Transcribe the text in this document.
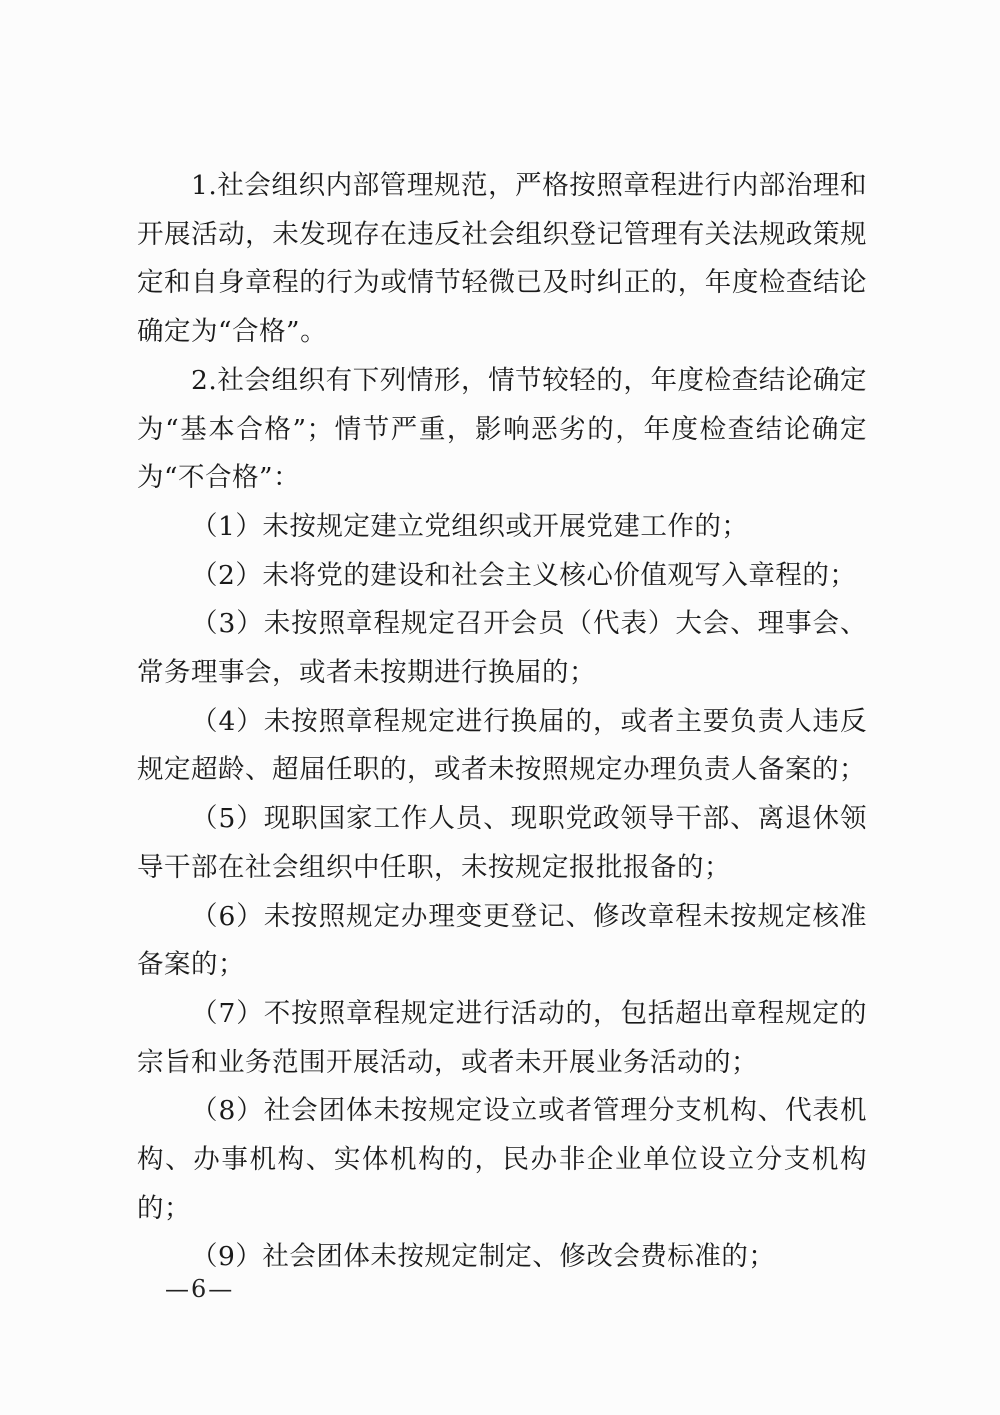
1.社会组织内部管理规范，严格按照章程进行内部治理和开展活动，未发现存在违反社会组织登记管理有关法规政策规定和自身章程的行为或情节轻微已及时纠正的，年度检查结论确定为“合格”。

2.社会组织有下列情形，情节较轻的，年度检查结论确定为“基本合格”；情节严重，影响恶劣的，年度检查结论确定为“不合格”：

（1）未按规定建立党组织或开展党建工作的；

（2）未将党的建设和社会主义核心价值观写入章程的；

（3）未按照章程规定召开会员（代表）大会、理事会、常务理事会，或者未按期进行换届的；

（4）未按照章程规定进行换届的，或者主要负责人违反规定超龄、超届任职的，或者未按照规定办理负责人备案的；

（5）现职国家工作人员、现职党政领导干部、离退休领导干部在社会组织中任职，未按规定报批报备的；

（6）未按照规定办理变更登记、修改章程未按规定核准备案的；

（7）不按照章程规定进行活动的，包括超出章程规定的宗旨和业务范围开展活动，或者未开展业务活动的；

（8）社会团体未按规定设立或者管理分支机构、代表机构、办事机构、实体机构的，民办非企业单位设立分支机构的；

（9）社会团体未按规定制定、修改会费标准的；

—6—
